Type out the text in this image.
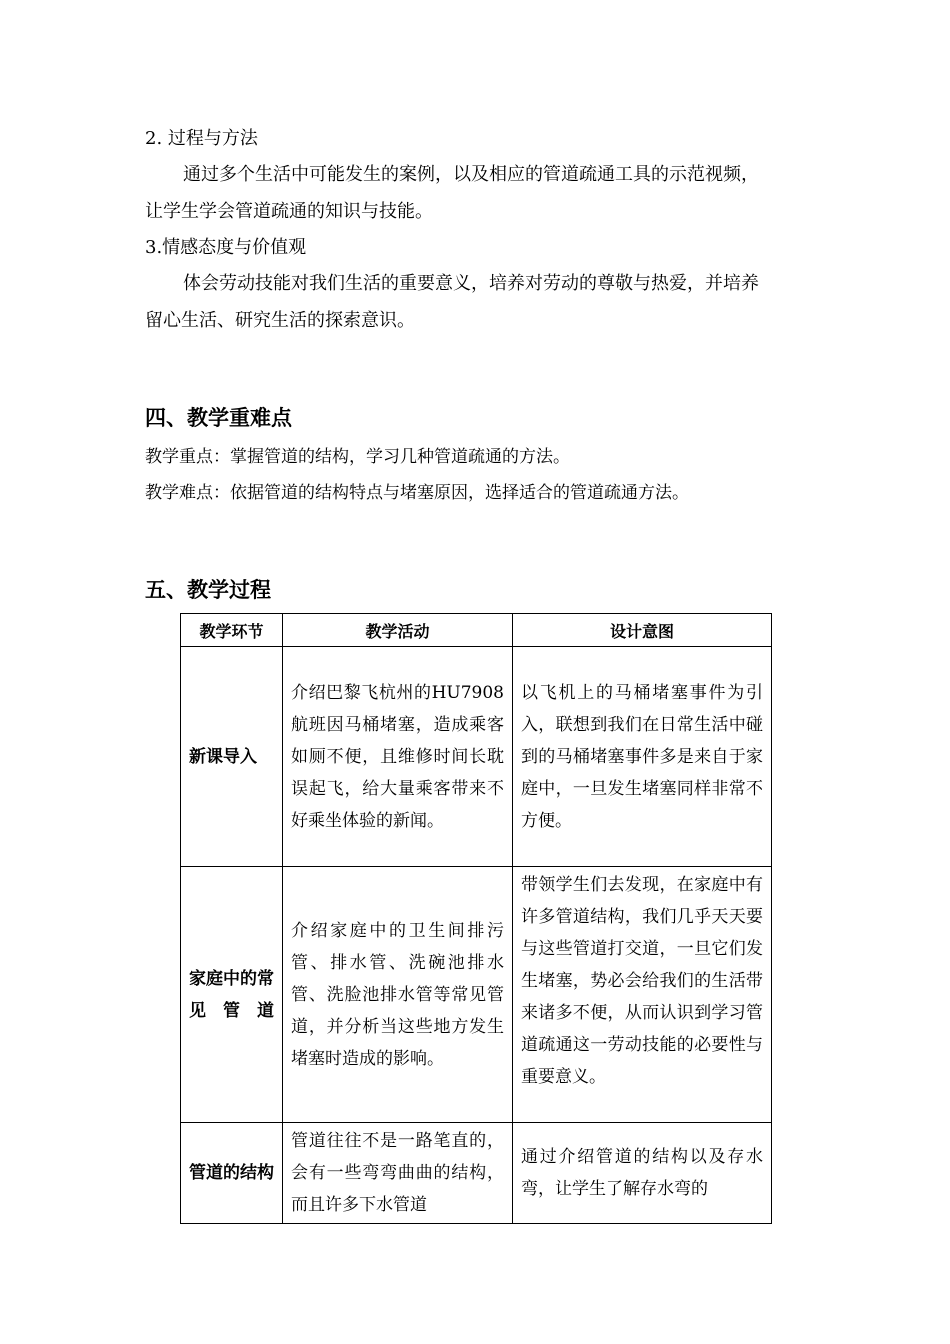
2. 过程与方法
通过多个生活中可能发生的案例，以及相应的管道疏通工具的示范视频，
让学生学会管道疏通的知识与技能。
3.情感态度与价值观
体会劳动技能对我们生活的重要意义，培养对劳动的尊敬与热爱，并培养
留心生活、研究生活的探索意识。
四、教学重难点
教学重点：掌握管道的结构，学习几种管道疏通的方法。
教学难点：依据管道的结构特点与堵塞原因，选择适合的管道疏通方法。
五、教学过程
教学环节	教学活动	设计意图
新课导入	介绍巴黎飞杭州的HU7908航班因马桶堵塞，造成乘客如厕不便，且维修时间长耽误起飞，给大量乘客带来不好乘坐体验的新闻。	以飞机上的马桶堵塞事件为引入，联想到我们在日常生活中碰到的马桶堵塞事件多是来自于家庭中，一旦发生堵塞同样非常不方便。
家庭中的常见管道	介绍家庭中的卫生间排污管、排水管、洗碗池排水管、洗脸池排水管等常见管道，并分析当这些地方发生堵塞时造成的影响。	带领学生们去发现，在家庭中有许多管道结构，我们几乎天天要与这些管道打交道，一旦它们发生堵塞，势必会给我们的生活带来诸多不便，从而认识到学习管道疏通这一劳动技能的必要性与重要意义。
管道的结构	管道往往不是一路笔直的，会有一些弯弯曲曲的结构，而且许多下水管道	通过介绍管道的结构以及存水弯，让学生了解存水弯的
